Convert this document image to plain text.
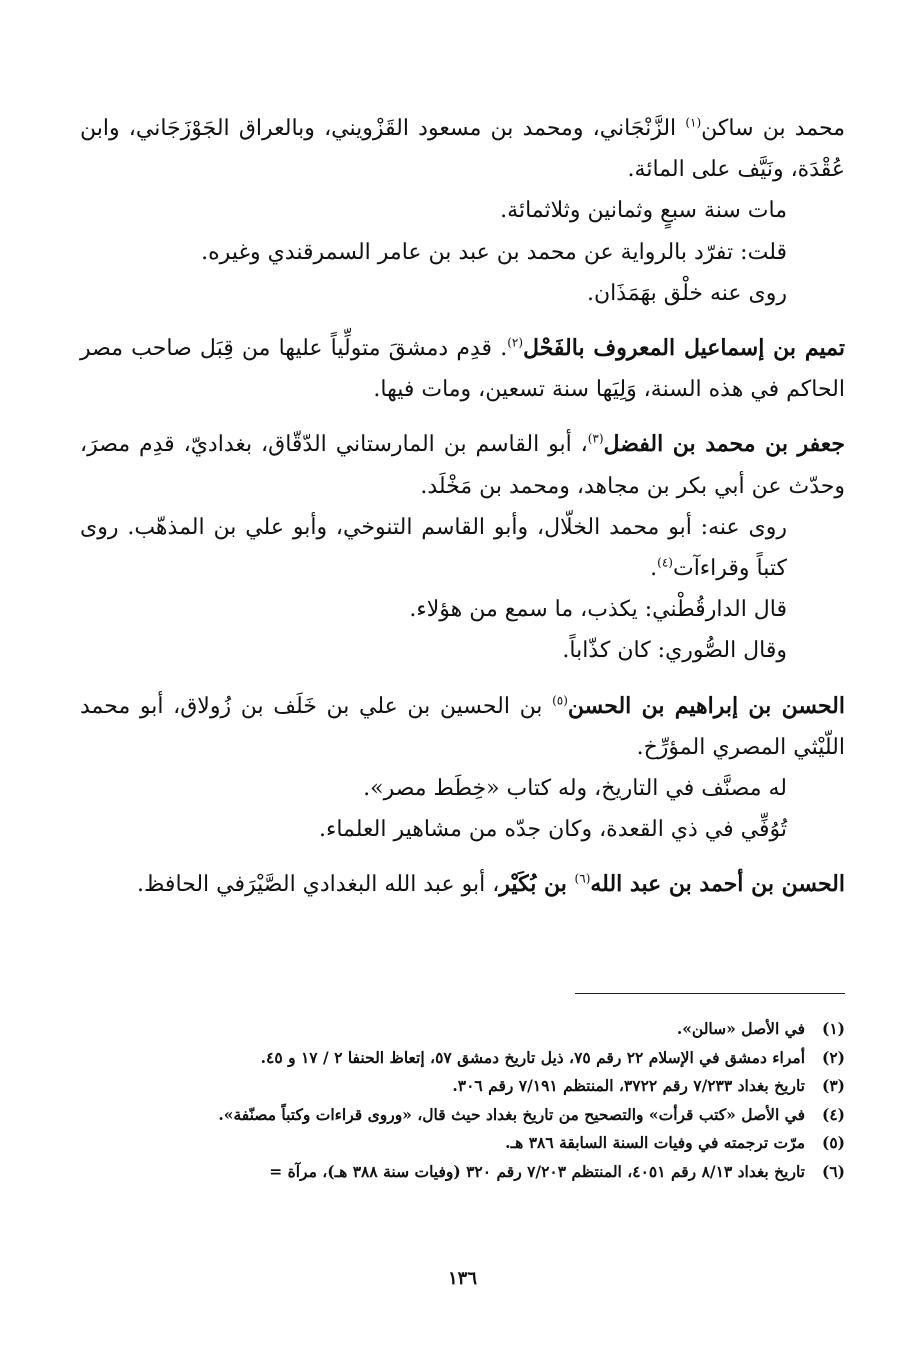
محمد بن ساكن$^{(١)}$ الزَّنْجَاني، ومحمد بن مسعود القَزْويني، وبالعراق الجَوْزَجَاني، وابن عُقْدَة، ونَيَّف على المائة.

مات سنة سبعٍ وثمانين وثلاثمائة.

قلت: تفرّد بالرواية عن محمد بن عبد بن عامر السمرقندي وغيره.

روى عنه خلْق بهَمَذَان.

تميم بن إسماعيل المعروف بالفَحْل$^{(٢)}$. قدِم دمشقَ متولِّياً عليها من قِبَل صاحب مصر الحاكم في هذه السنة، وَلِيَها سنة تسعين، ومات فيها.

جعفر بن محمد بن الفضل$^{(٣)}$، أبو القاسم بن المارستاني الدّقّاق، بغداديّ، قدِم مصرَ، وحدّث عن أبي بكر بن مجاهد، ومحمد بن مَخْلَد.

روى عنه: أبو محمد الخلّال، وأبو القاسم التنوخي، وأبو علي بن المذهّب. روى كتباً وقراءآت$^{(٤)}$.

قال الدارقُطْني: يكذب، ما سمع من هؤلاء.

وقال الصُّوري: كان كذّاباً.

الحسن بن إبراهيم بن الحسن$^{(٥)}$ بن الحسين بن علي بن خَلَف بن زُولاق، أبو محمد اللّيْثي المصري المؤرِّخ.

له مصنَّف في التاريخ، وله كتاب «خِطَط مصر».

تُوُفِّي في ذي القعدة، وكان جدّه من مشاهير العلماء.

الحسن بن أحمد بن عبد الله$^{(٦)}$ بن بُكَيْر، أبو عبد الله البغدادي الصَّيْرَفي الحافظ.

(١)
في الأصل «سالن».
(٢)
أمراء دمشق في الإسلام ٢٢ رقم ٧٥، ذيل تاريخ دمشق ٥٧، إتعاظ الحنفا ٢ / ١٧ و ٤٥.
(٣)
تاريخ بغداد ٧/٢٣٣ رقم ٣٧٢٢، المنتظم ٧/١٩١ رقم ٣٠٦.
(٤)
في الأصل «كتب قرأت» والتصحيح من تاريخ بغداد حيث قال، «وروى قراءات وكتباً مصنّفة».
(٥)
مرّت ترجمته في وفيات السنة السابقة ٣٨٦ هـ.
(٦)
تاريخ بغداد ٨/١٣ رقم ٤٠٥١، المنتظم ٧/٢٠٣ رقم ٣٢٠ (وفيات سنة ٣٨٨ هـ)، مرآة =
١٣٦
